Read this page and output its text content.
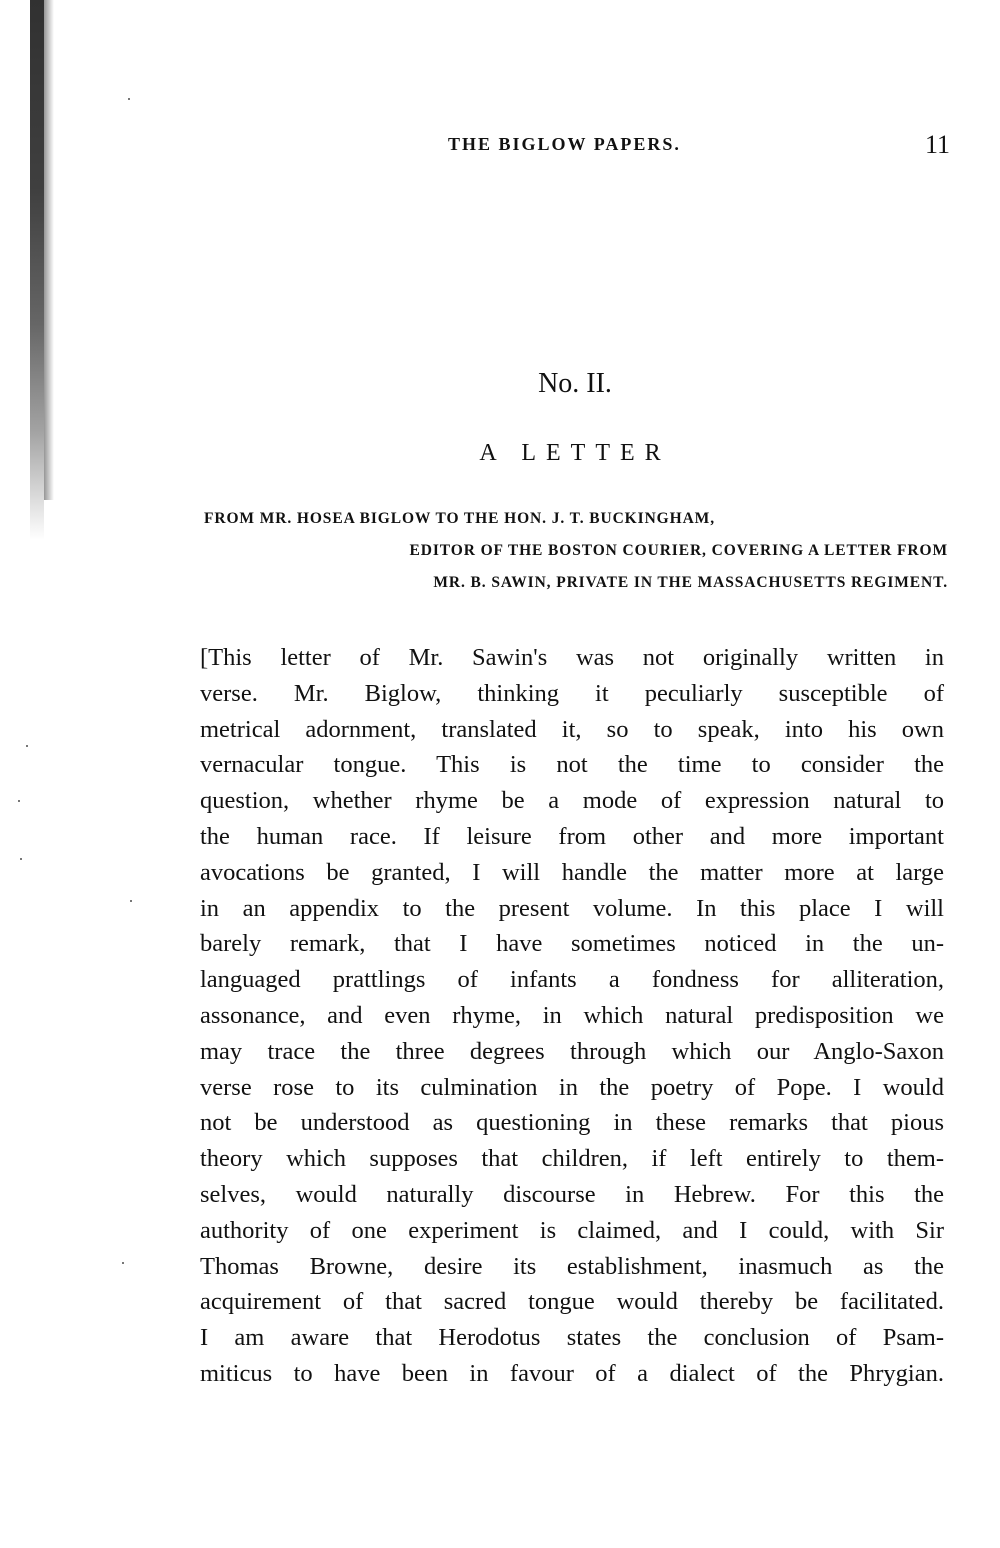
THE BIGLOW PAPERS.	11
No. II.
A LETTER
FROM MR. HOSEA BIGLOW TO THE HON. J. T. BUCKINGHAM,
EDITOR OF THE BOSTON COURIER, COVERING A LETTER FROM
MR. B. SAWIN, PRIVATE IN THE MASSACHUSETTS REGIMENT.
[This letter of Mr. Sawin's was not originally written in
verse. Mr. Biglow, thinking it peculiarly susceptible of
metrical adornment, translated it, so to speak, into his own
vernacular tongue. This is not the time to consider the
question, whether rhyme be a mode of expression natural to
the human race. If leisure from other and more important
avocations be granted, I will handle the matter more at large
in an appendix to the present volume. In this place I will
barely remark, that I have sometimes noticed in the un-
languaged prattlings of infants a fondness for alliteration,
assonance, and even rhyme, in which natural predisposition we
may trace the three degrees through which our Anglo-Saxon
verse rose to its culmination in the poetry of Pope. I would
not be understood as questioning in these remarks that pious
theory which supposes that children, if left entirely to them-
selves, would naturally discourse in Hebrew. For this the
authority of one experiment is claimed, and I could, with Sir
Thomas Browne, desire its establishment, inasmuch as the
acquirement of that sacred tongue would thereby be facilitated.
I am aware that Herodotus states the conclusion of Psam-
miticus to have been in favour of a dialect of the Phrygian.
